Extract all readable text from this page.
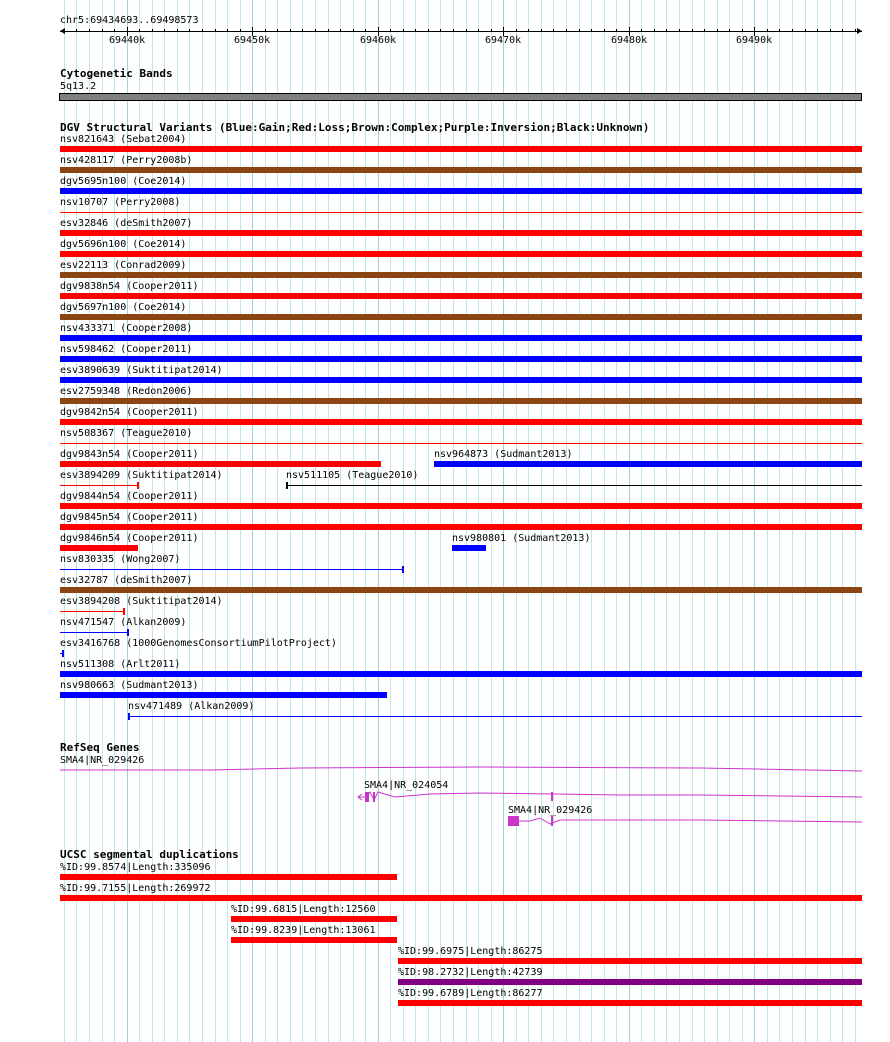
chr5:69434693..69498573
69440k	69450k	69460k	69470k	69480k	69490k
Cytogenetic Bands
5q13.2
DGV Structural Variants (Blue:Gain;Red:Loss;Brown:Complex;Purple:Inversion;Black:Unknown)
nsv821643 (Sebat2004)
nsv428117 (Perry2008b)
dgv5695n100 (Coe2014)
nsv10707 (Perry2008)
esv32846 (deSmith2007)
dgv5696n100 (Coe2014)
esv22113 (Conrad2009)
dgv9838n54 (Cooper2011)
dgv5697n100 (Coe2014)
nsv433371 (Cooper2008)
nsv598462 (Cooper2011)
esv3890639 (Suktitipat2014)
esv2759348 (Redon2006)
dgv9842n54 (Cooper2011)
nsv508367 (Teague2010)
dgv9843n54 (Cooper2011)	nsv964873 (Sudmant2013)
esv3894209 (Suktitipat2014)	nsv511105 (Teague2010)
dgv9844n54 (Cooper2011)
dgv9845n54 (Cooper2011)
dgv9846n54 (Cooper2011)	nsv980801 (Sudmant2013)
nsv830335 (Wong2007)
esv32787 (deSmith2007)
esv3894208 (Suktitipat2014)
nsv471547 (Alkan2009)
esv3416768 (1000GenomesConsortiumPilotProject)
nsv511308 (Arlt2011)
nsv980663 (Sudmant2013)
nsv471489 (Alkan2009)
RefSeq Genes
SMA4|NR_029426
SMA4|NR_024054
SMA4|NR_029426
UCSC segmental duplications
%ID:99.8574|Length:335096
%ID:99.7155|Length:269972
%ID:99.6815|Length:12560
%ID:99.8239|Length:13061
%ID:99.6975|Length:86275
%ID:98.2732|Length:42739
%ID:99.6789|Length:86277
